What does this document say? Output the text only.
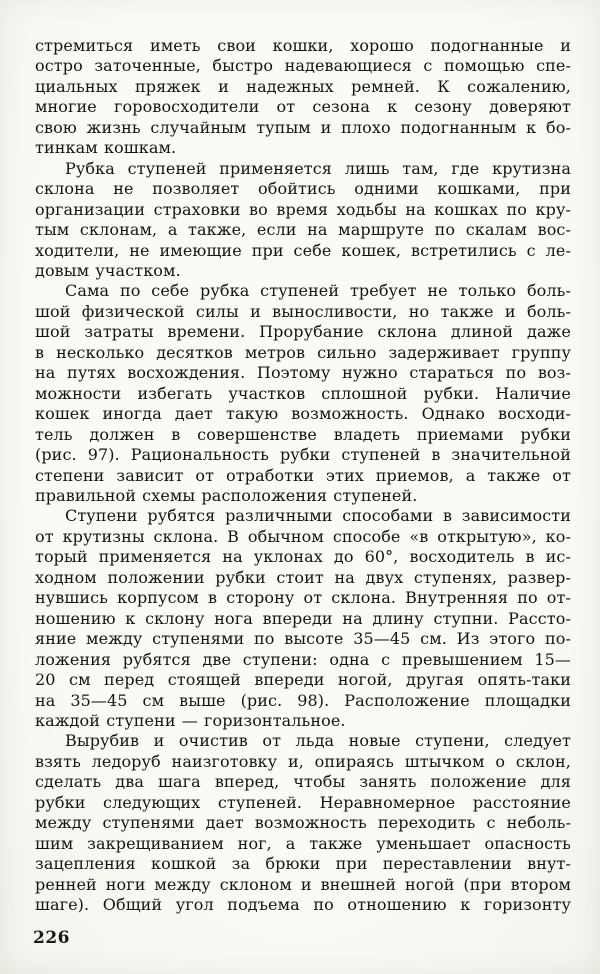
стремиться иметь свои кошки, хорошо подогнанные и
остро заточенные, быстро надевающиеся с помощью спе-
циальных пряжек и надежных ремней. К сожалению,
многие горовосходители от сезона к сезону доверяют
свою жизнь случайным тупым и плохо подогнанным к бо-
тинкам кошкам.
Рубка ступеней применяется лишь там, где крутизна
склона не позволяет обойтись одними кошками, при
организации страховки во время ходьбы на кошках по кру-
тым склонам, а также, если на маршруте по скалам вос-
ходители, не имеющие при себе кошек, встретились с ле-
довым участком.
Сама по себе рубка ступеней требует не только боль-
шой физической силы и выносливости, но также и боль-
шой затраты времени. Прорубание склона длиной даже
в несколько десятков метров сильно задерживает группу
на путях восхождения. Поэтому нужно стараться по воз-
можности избегать участков сплошной рубки. Наличие
кошек иногда дает такую возможность. Однако восходи-
тель должен в совершенстве владеть приемами рубки
(рис. 97). Рациональность рубки ступеней в значительной
степени зависит от отработки этих приемов, а также от
правильной схемы расположения ступеней.
Ступени рубятся различными способами в зависимости
от крутизны склона. В обычном способе «в открытую», ко-
торый применяется на уклонах до 60°, восходитель в ис-
ходном положении рубки стоит на двух ступенях, развер-
нувшись корпусом в сторону от склона. Внутренняя по от-
ношению к склону нога впереди на длину ступни. Рассто-
яние между ступенями по высоте 35—45 см. Из этого по-
ложения рубятся две ступени: одна с превышением 15—
20 см перед стоящей впереди ногой, другая опять-таки
на 35—45 см выше (рис. 98). Расположение площадки
каждой ступени — горизонтальное.
Вырубив и очистив от льда новые ступени, следует
взять ледоруб наизготовку и, опираясь штычком о склон,
сделать два шага вперед, чтобы занять положение для
рубки следующих ступеней. Неравномерное расстояние
между ступенями дает возможность переходить с неболь-
шим закрещиванием ног, а также уменьшает опасность
зацепления кошкой за брюки при переставлении внут-
ренней ноги между склоном и внешней ногой (при втором
шаге). Общий угол подъема по отношению к горизонту
226
